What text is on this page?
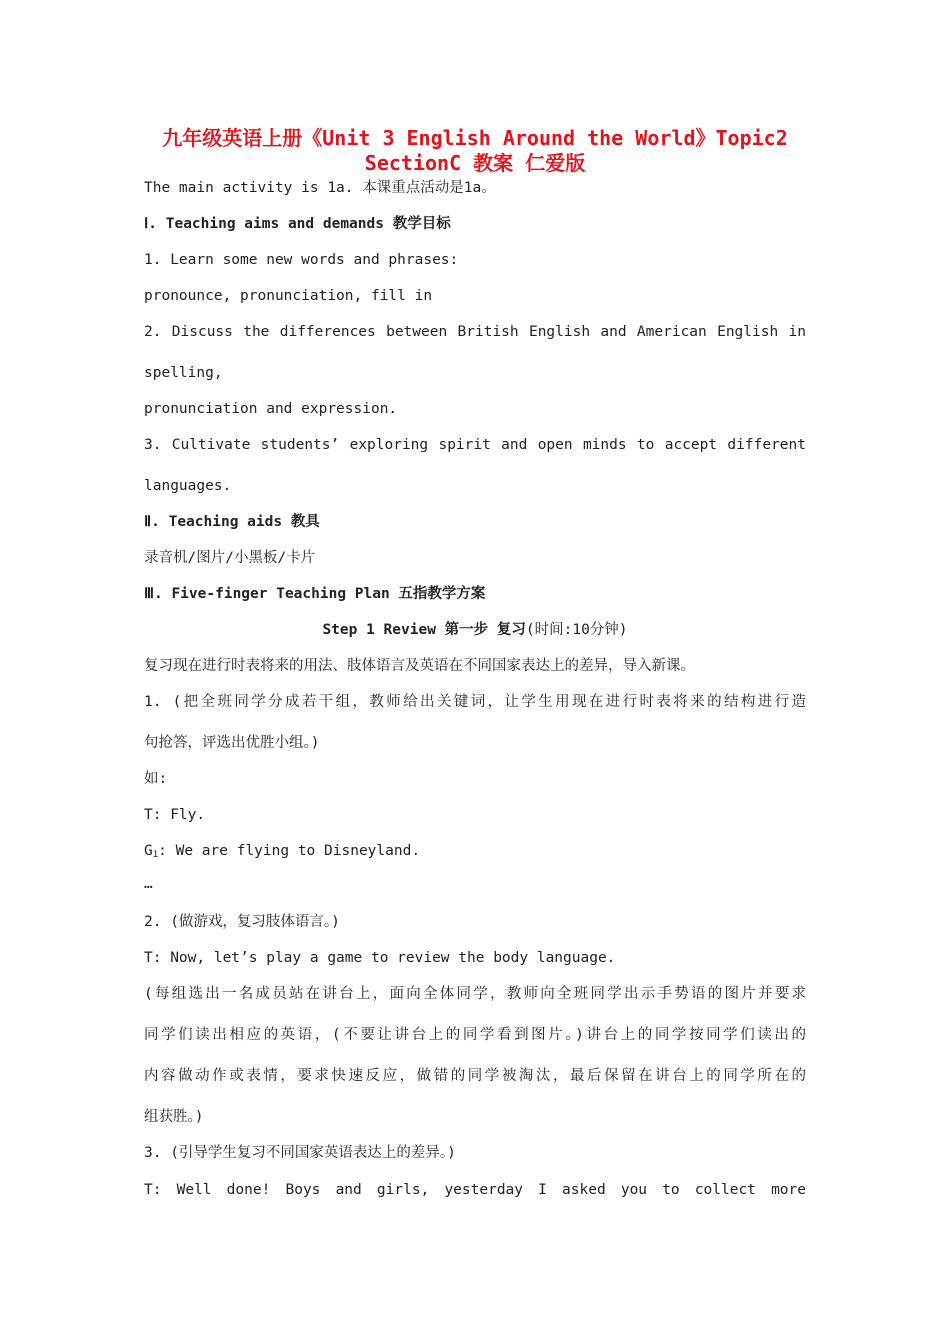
九年级英语上册《Unit 3 English Around the World》Topic2
SectionC 教案 仁爱版
The main activity is 1a. 本课重点活动是1a。
Ⅰ. Teaching aims and demands 教学目标
1. Learn some new words and phrases:
pronounce, pronunciation, fill in
2. Discuss the differences between British English and American English in
spelling,
pronunciation and expression.
3. Cultivate students’ exploring spirit and open minds to accept different
languages.
Ⅱ. Teaching aids 教具
录音机/图片/小黑板/卡片
Ⅲ. Five-finger Teaching Plan 五指教学方案
Step 1 Review 第一步 复习(时间:10分钟)
复习现在进行时表将来的用法、肢体语言及英语在不同国家表达上的差异，导入新课。
1. (把全班同学分成若干组，教师给出关键词，让学生用现在进行时表将来的结构进行造
句抢答，评选出优胜小组。)
如:
T: Fly.
$G_1$: We are flying to Disneyland.
…
2. (做游戏，复习肢体语言。)
T: Now, let’s play a game to review the body language.
(每组选出一名成员站在讲台上，面向全体同学，教师向全班同学出示手势语的图片并要求
同学们读出相应的英语，(不要让讲台上的同学看到图片。)讲台上的同学按同学们读出的
内容做动作或表情，要求快速反应，做错的同学被淘汰，最后保留在讲台上的同学所在的
组获胜。)
3. (引导学生复习不同国家英语表达上的差异。)
T: Well done! Boys and girls, yesterday I asked you to collect more
